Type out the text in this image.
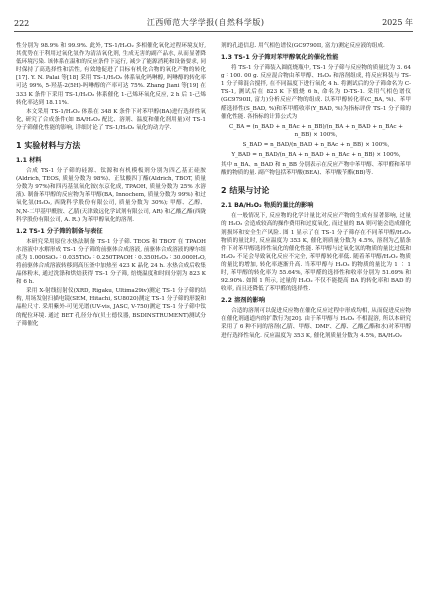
222	江西师范大学学报(自然科学版)	2025 年

性分别为 98.9% 和 99.9%. 此外, TS-1/H₂O₂ 多相催化氧化过程环境友好, 其优势在于利用过氧化氢作为清洁氧化剂, 生成无害的副产品水, 从而显著降低环境污染. 该体系在温和的反应条件下运行, 减少了能源消耗和设备要求, 同时保持了高选择性和活性, 有效地促进了目标有机化合物的氧化产物的转化[17]. Y. N. Palai 等[18] 采用 TS-1/H₂O₂ 体系氧化吗啉醇, 吗啉醇的转化率可达 99%, 5-羟基-2(5H)-吗啉醇的产率可达 75%. Zhang Jiani 等[19] 在 333 K 条件下采用 TS-1/H₂O₂ 体系催化 1-己烯环氧化反应, 2 h 后 1-己烯转化率达到 18.11%.

本文采用 TS-1/H₂O₂ 体系在 348 K 条件下对苯甲醇(BA)进行选择性氧化, 研究了合成条件(如 BA/H₂O₂ 配比、溶剂、温度和催化剂用量)对 TS-1 分子筛催化性能的影响, 详细讨论了 TS-1/H₂O₂ 氧化的动力学.

1 实验材料与方法
1.1 材料

合成 TS-1 分子筛的硅源、钛源和有机模板剂分别为四乙基正硅胺(Aldrich, TEOS, 质量分数为 98%)、正钛酸四丁酯(Aldrich, TBOT, 质量分数为 97%)和四丙基氢氧化铵(东京化成, TPAOH, 质量分数为 25% 水溶液). 制备苯甲醇的反应物为苯甲醇(BA, Innochem, 质量分数为 99%) 和过氧化氢(H₂O₂, 西陇科学股份有限公司, 质量分数为 30%); 甲醇、乙醇、N,N-二甲基甲酰胺、乙腈(天津致远化学试剂有限公司, AR) 和乙酸乙酯(西陇科学股份有限公司, A. R.) 为苯甲醇氧化的溶剂.

1.2 TS-1 分子筛的制备与表征

本研究采用原位水热法制备 TS-1 分子筛. TEOS 和 TBOT 在 TPAOH 水溶液中水解形成 TS-1 分子筛的前驱体合成溶液, 前驱体合成溶液的摩尔组成为 1.000SiO₂ ∶ 0.035TiO₂ ∶ 0.250TPAOH ∶ 0.350H₂O₂ ∶ 30.000H₂O, 将前驱体合成溶液转移到高压釜中加热至 423 K 晶化 24 h. 水热合成后收集晶体粉末, 通过洗涤和烘焙获得 TS-1 分子筛, 焙烧温度和时间分别为 823 K 和 6 h.

采用 X-射线衍射仪(XRD, Rigaku, Ultima29iv)测定 TS-1 分子筛的结构, 用场发射扫描电镜(SEM, Hitachi, SU8020)测定 TS-1 分子筛的形貌和晶粒尺寸. 采用紫外-可见光谱(UV-vis, JASC, V-750)测定 TS-1 分子筛中钛的配位环境. 通过 BET 孔径分布(贝士德仪器, BSDINSTRUMENT)测试分子筛催化

剂的孔道信息. 用气相色谱仪(GC9790II, 富力)测定反应液的组成.

1.3 TS-1 分子筛对苯甲醇氧化的催化性能

将 TS-1 分子筛装入圆底烧瓶中, TS-1 分子筛与反应物的质量比为 3. 64 g ∶ 100. 00 g. 反应混合物由苯甲醇、H₂O₂ 和溶剂组成, 将反应料装与 TS-1 分子筛混合搅拌, 在不同温度下进行氧化 4 h. 将测试后的分子筛命名为 C-TS-1, 测试后在 823 K 下煅烧 6 h, 命名为 D-TS-1. 采用气相色谱仪(GC9790II, 富力)分析反应产物的组成. 以苯甲醇转化率(C_BA, %)、苯甲醛选择性(S_BAD, %)和苯甲醛收率(Y_BAD, %)为指标评价 TS-1 分子筛的催化性能. 各指标的计算公式为

C_BA = (n_BAD + n_BAc + n_BB)/(n_BA + n_BAD + n_BAc + n_BB) × 100%,
S_BAD = n_BAD/(n_BAD + n_BAc + n_BB) × 100%,
Y_BAD = n_BAD/(n_BA + n_BAD + n_BAc + n_BB) × 100%,

其中 n_BA、n_BAD 和 n_BB 分别表示在反应产物中苯甲醇、苯甲醛和苯甲酸的物质的量. 副产物包括苯甲酸(BEA)、苯甲酸苄酯(BB)等.

2 结果与讨论
2.1 BA/H₂O₂ 物质的量比的影响

在一般情况下, 反应物的化学计量比对反应产物的生成有显著影响, 过量的 H₂O₂ 会造成较高的操作费用和过度氧化, 而过量的 BA 则可能会造成催化剂损坏和安全生产风险. 图 1 显示了在 TS-1 分子筛存在不同苯甲醇/H₂O₂ 物质的量比时, 反应温度为 353 K, 催化剂质量分数为 4.5%, 溶剂为乙腈条件下对苯甲醇选择性氧化的催化性能. 苯甲醇与过氧化氢的物质的量比过低和 H₂O₂ 不足会导致氧化反应不完全, 苯甲醇转化率低. 随着苯甲醇/H₂O₂ 物质的量比的增加, 转化率逐渐升高. 当苯甲醇与 H₂O₂ 的物质的量比为 1 ∶ 1 时, 苯甲醇的转化率为 55.64%, 苯甲醛的选择性和收率分别为 51.69% 和 92.90%. 如图 1 所示, 过量的 H₂O₂ 不仅不能提高 BA 的转化率和 BAD 的收率, 而且还降低了苯甲醛的选择性.

2.2 溶剂的影响

合适的溶剂可以促进反应物在催化反应过程中形成均相, 从而促进反应物在催化剂通道内的扩散行为[20]. 由于苯甲醇与 H₂O₂ 不相混溶, 所以本研究采用了 6 种不同的溶剂(乙腈、甲醇、DMF、乙醇、乙酸乙酯和水)对苯甲醇进行选择性氧化. 反应温度为 353 K, 催化剂质量分数为 4.5%, BA/H₂O₂
